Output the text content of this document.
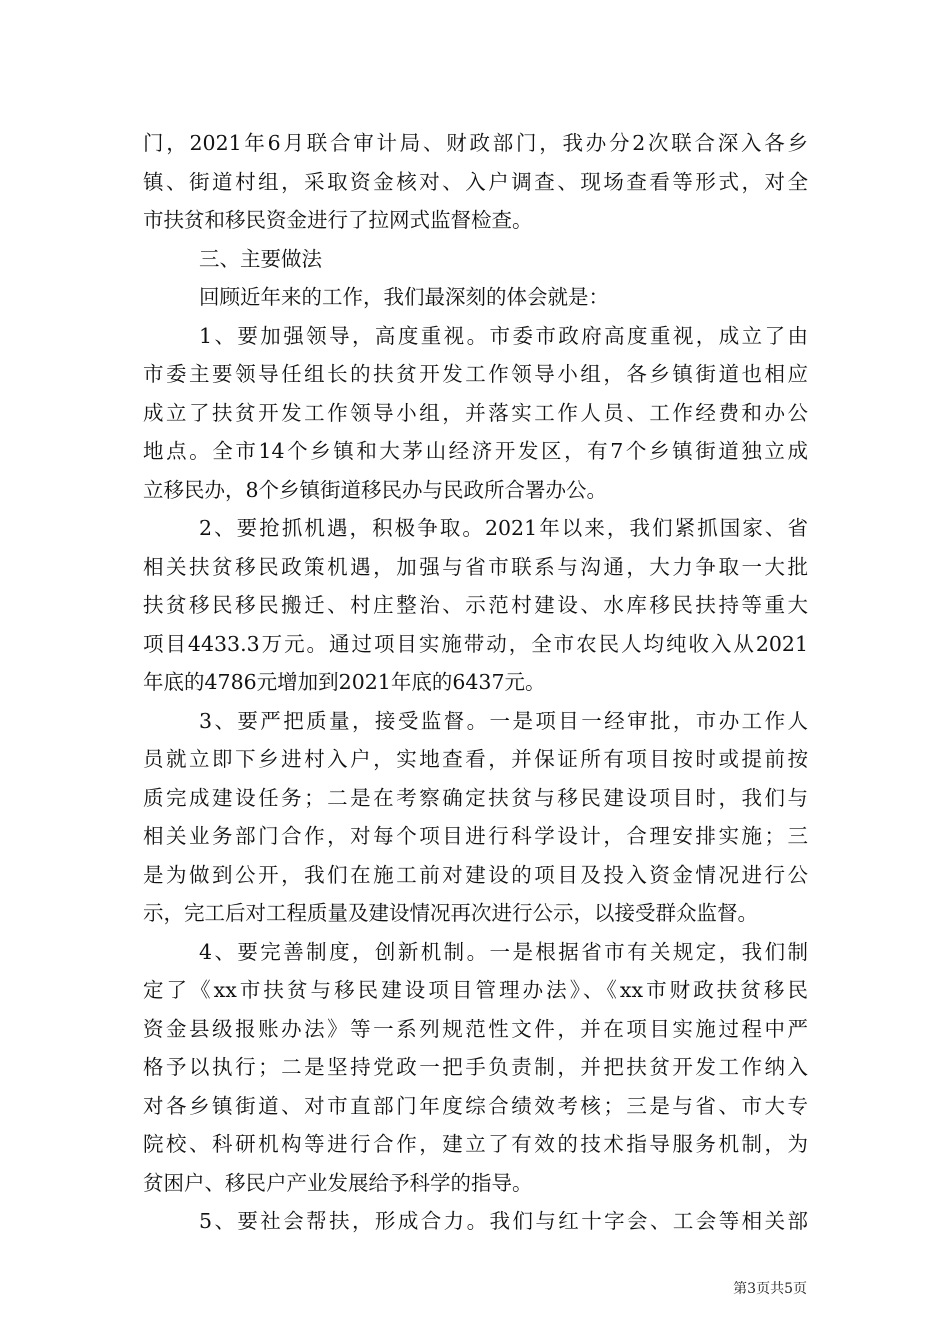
门，2021年6月联合审计局、财政部门，我办分2次联合深入各乡
镇、街道村组，采取资金核对、入户调查、现场查看等形式，对全
市扶贫和移民资金进行了拉网式监督检查。
三、主要做法
回顾近年来的工作，我们最深刻的体会就是：
1、要加强领导，高度重视。市委市政府高度重视，成立了由
市委主要领导任组长的扶贫开发工作领导小组，各乡镇街道也相应
成立了扶贫开发工作领导小组，并落实工作人员、工作经费和办公
地点。全市14个乡镇和大茅山经济开发区，有7个乡镇街道独立成
立移民办，8个乡镇街道移民办与民政所合署办公。
2、要抢抓机遇，积极争取。2021年以来，我们紧抓国家、省
相关扶贫移民政策机遇，加强与省市联系与沟通，大力争取一大批
扶贫移民移民搬迁、村庄整治、示范村建设、水库移民扶持等重大
项目4433.3万元。通过项目实施带动，全市农民人均纯收入从2021
年底的4786元增加到2021年底的6437元。
3、要严把质量，接受监督。一是项目一经审批，市办工作人
员就立即下乡进村入户，实地查看，并保证所有项目按时或提前按
质完成建设任务；二是在考察确定扶贫与移民建设项目时，我们与
相关业务部门合作，对每个项目进行科学设计，合理安排实施；三
是为做到公开，我们在施工前对建设的项目及投入资金情况进行公
示，完工后对工程质量及建设情况再次进行公示，以接受群众监督。
4、要完善制度，创新机制。一是根据省市有关规定，我们制
定了《xx市扶贫与移民建设项目管理办法》、《xx市财政扶贫移民
资金县级报账办法》等一系列规范性文件，并在项目实施过程中严
格予以执行；二是坚持党政一把手负责制，并把扶贫开发工作纳入
对各乡镇街道、对市直部门年度综合绩效考核；三是与省、市大专
院校、科研机构等进行合作，建立了有效的技术指导服务机制，为
贫困户、移民户产业发展给予科学的指导。
5、要社会帮扶，形成合力。我们与红十字会、工会等相关部
第3页共5页
